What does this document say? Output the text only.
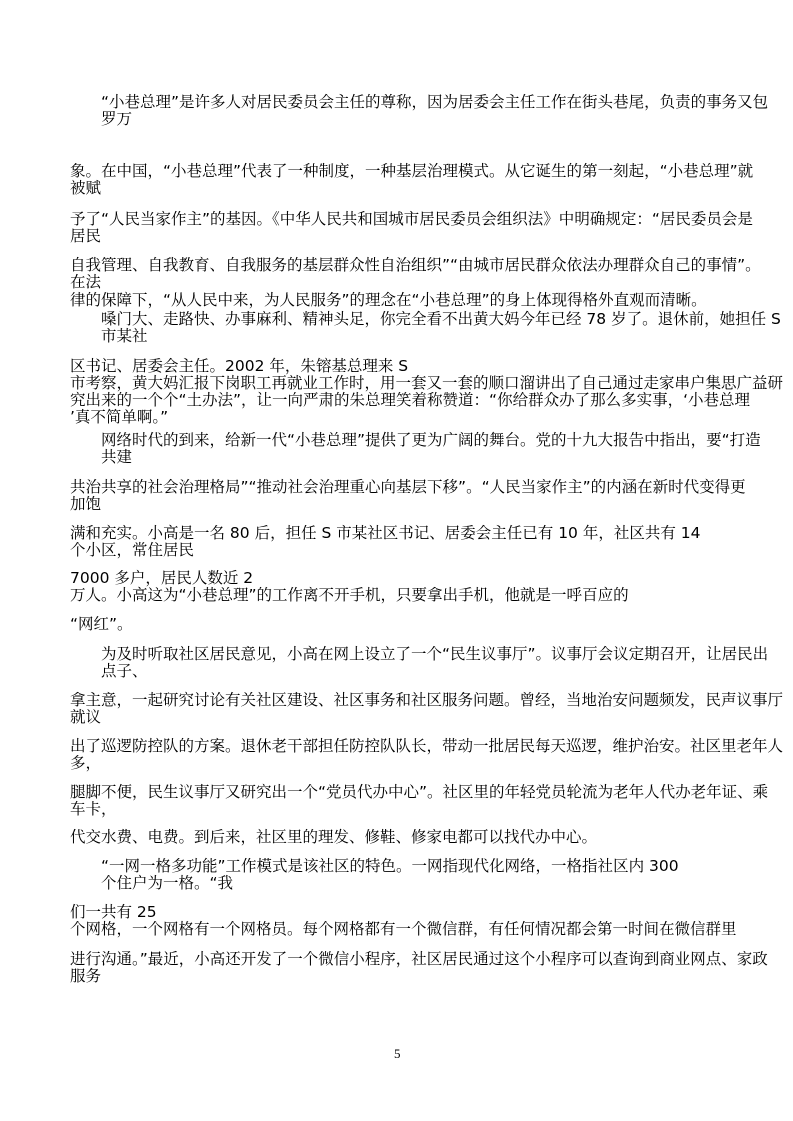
“小巷总理”是许多人对居民委员会主任的尊称，因为居委会主任工作在街头巷尾，负责的事务又包
罗万
象。在中国，“小巷总理”代表了一种制度，一种基层治理模式。从它诞生的第一刻起，“小巷总理”就
被赋
予了“人民当家作主”的基因。《中华人民共和国城市居民委员会组织法》中明确规定：“居民委员会是
居民
自我管理、自我教育、自我服务的基层群众性自治组织”“由城市居民群众依法办理群众自己的事情”。
在法
律的保障下，“从人民中来，为人民服务”的理念在“小巷总理”的身上体现得格外直观而清晰。
嗓门大、走路快、办事麻利、精神头足，你完全看不出黄大妈今年已经 78 岁了。退休前，她担任 S
市某社
区书记、居委会主任。2002 年，朱镕基总理来 S
市考察，黄大妈汇报下岗职工再就业工作时，用一套又一套的顺口溜讲出了自己通过走家串户集思广益研
究出来的一个个“土办法”，让一向严肃的朱总理笑着称赞道：“你给群众办了那么多实事，‘小巷总理
’真不简单啊。”
网络时代的到来，给新一代“小巷总理”提供了更为广阔的舞台。党的十九大报告中指出，要“打造
共建
共治共享的社会治理格局”“推动社会治理重心向基层下移”。“人民当家作主”的内涵在新时代变得更
加饱
满和充实。小高是一名 80 后，担任 S 市某社区书记、居委会主任已有 10 年，社区共有 14
个小区，常住居民
7000 多户，居民人数近 2
万人。小高这为“小巷总理”的工作离不开手机，只要拿出手机，他就是一呼百应的
“网红”。
为及时听取社区居民意见，小高在网上设立了一个“民生议事厅”。议事厅会议定期召开，让居民出
点子、
拿主意，一起研究讨论有关社区建设、社区事务和社区服务问题。曾经，当地治安问题频发，民声议事厅
就议
出了巡逻防控队的方案。退休老干部担任防控队队长，带动一批居民每天巡逻，维护治安。社区里老年人
多，
腿脚不便，民生议事厅又研究出一个“党员代办中心”。社区里的年轻党员轮流为老年人代办老年证、乘
车卡，
代交水费、电费。到后来，社区里的理发、修鞋、修家电都可以找代办中心。
“一网一格多功能”工作模式是该社区的特色。一网指现代化网络，一格指社区内 300
个住户为一格。“我
们一共有 25
个网格，一个网格有一个网格员。每个网格都有一个微信群，有任何情况都会第一时间在微信群里
进行沟通。”最近，小高还开发了一个微信小程序，社区居民通过这个小程序可以查询到商业网点、家政
服务
5
